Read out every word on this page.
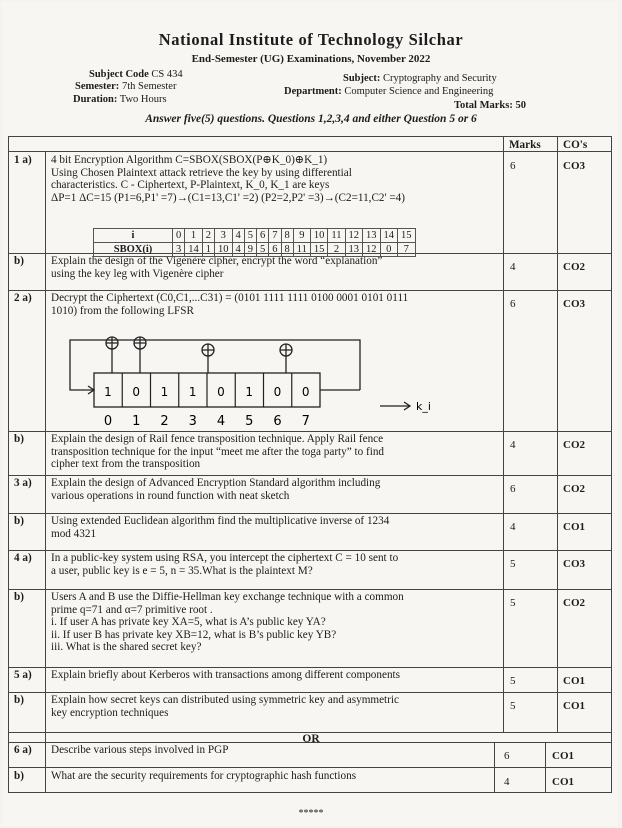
National Institute of Technology Silchar
End-Semester (UG) Examinations, November 2022
Subject Code CS 434
Semester: 7th Semester
Duration: Two Hours
Subject: Cryptography and Security
Department: Computer Science and Engineering
Total Marks: 50
Answer five(5) questions. Questions 1,2,3,4 and either Question 5 or 6
Marks CO's
1 a) 4 bit Encryption Algorithm C=SBOX(SBOX(P⊕K_0)⊕K_1)
Using Chosen Plaintext attack retrieve the key by using differential
characteristics. C - Ciphertext, P-Plaintext, K_0, K_1 are keys
ΔP=1 ΔC=15 (P1=6,P1' =7)→(C1=13,C1' =2) (P2=2,P2' =3)→(C2=11,C2' =4)
6	CO3
b) Explain the design of the Vigenère cipher, encrypt the word “explanation”
using the key leg with Vigenère cipher
4	CO2
2 a) Decrypt the Ciphertext (C0,C1,...C31) = (0101 1111 1111 0100 0001 0101 0111
1010) from the following LFSR
6	CO3
b) Explain the design of Rail fence transposition technique. Apply Rail fence
transposition technique for the input “meet me after the toga party” to find
cipher text from the transposition
4	CO2
3 a) Explain the design of Advanced Encryption Standard algorithm including
various operations in round function with neat sketch
6	CO2
b) Using extended Euclidean algorithm find the multiplicative inverse of 1234
mod 4321
4	CO1
4 a) In a public-key system using RSA, you intercept the ciphertext C = 10 sent to
a user, public key is e = 5, n = 35.What is the plaintext M?
5	CO3
b) Users A and B use the Diffie-Hellman key exchange technique with a common
prime q=71 and α=7 primitive root .
i. If user A has private key XA=5, what is A’s public key YA?
ii. If user B has private key XB=12, what is B’s public key YB?
iii. What is the shared secret key?
5	CO2
5 a) Explain briefly about Kerberos with transactions among different components	5	CO1
b) Explain how secret keys can distributed using symmetric key and asymmetric
key encryption techniques
5	CO1
6 a) Describe various steps involved in PGP	6	CO1
b) What are the security requirements for cryptographic hash functions	4	CO1
i	0	1	2	3	4	5	6	7	8	9	10	11	12	13	14	15
SBOX(i)	3	14	1	10	4	9	5	6	8	11	15	2	13	12	0	7
1
0
0
1
1
2
1
3
0
4
1
5
0
6
0
7
k_i
OR
*****
